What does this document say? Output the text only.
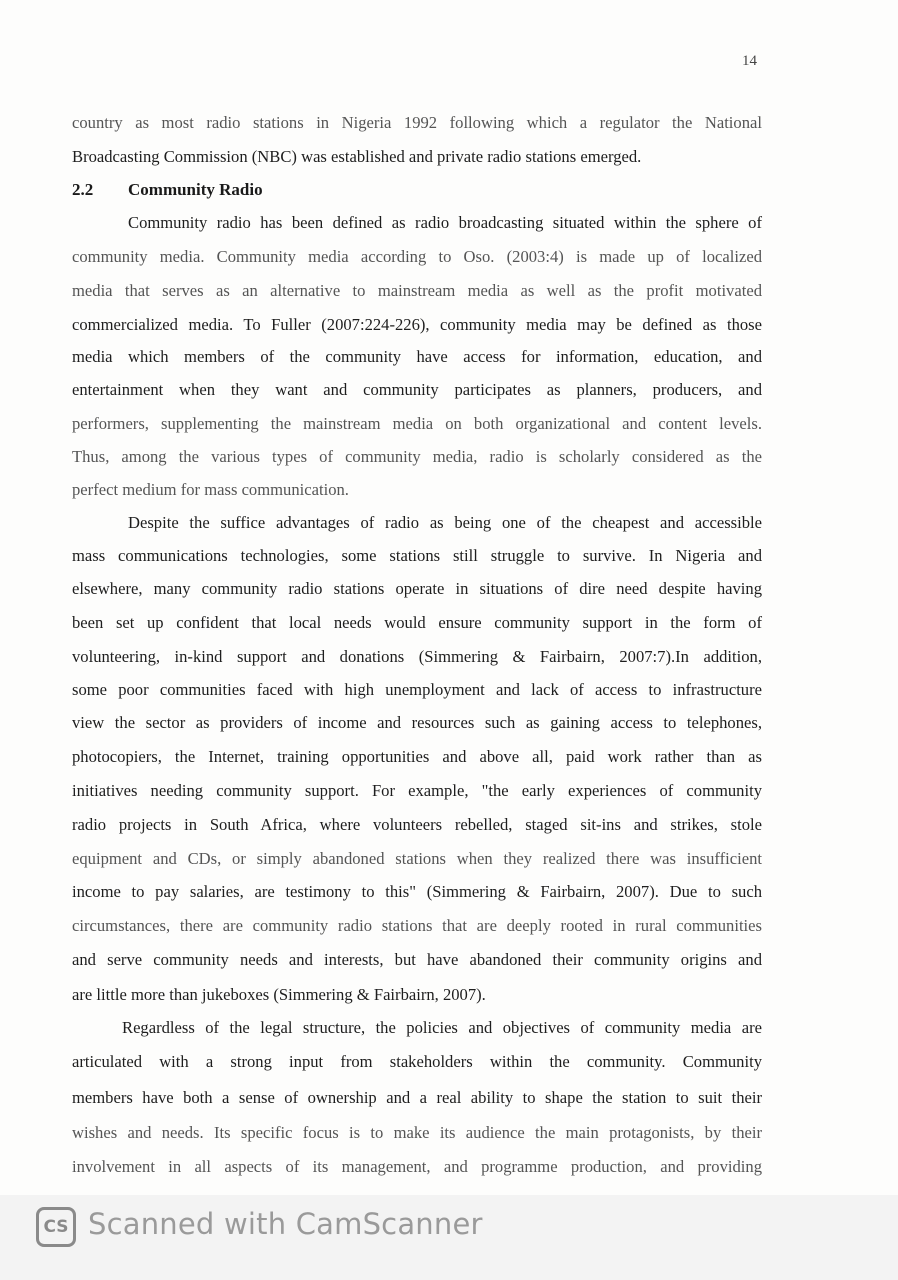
14
country as most radio stations in Nigeria 1992 following which a regulator the National
Broadcasting Commission (NBC) was established and private radio stations emerged.
2.2 Community Radio
Community radio has been defined as radio broadcasting situated within the sphere of
community media. Community media according to Oso. (2003:4) is made up of localized
media that serves as an alternative to mainstream media as well as the profit motivated
commercialized media. To Fuller (2007:224-226), community media may be defined as those
media which members of the community have access for information, education, and
entertainment when they want and community participates as planners, producers, and
performers, supplementing the mainstream media on both organizational and content levels.
Thus, among the various types of community media, radio is scholarly considered as the
perfect medium for mass communication.
Despite the suffice advantages of radio as being one of the cheapest and accessible
mass communications technologies, some stations still struggle to survive. In Nigeria and
elsewhere, many community radio stations operate in situations of dire need despite having
been set up confident that local needs would ensure community support in the form of
volunteering, in-kind support and donations (Simmering & Fairbairn, 2007:7).In addition,
some poor communities faced with high unemployment and lack of access to infrastructure
view the sector as providers of income and resources such as gaining access to telephones,
photocopiers, the Internet, training opportunities and above all, paid work rather than as
initiatives needing community support. For example, "the early experiences of community
radio projects in South Africa, where volunteers rebelled, staged sit-ins and strikes, stole
equipment and CDs, or simply abandoned stations when they realized there was insufficient
income to pay salaries, are testimony to this" (Simmering & Fairbairn, 2007). Due to such
circumstances, there are community radio stations that are deeply rooted in rural communities
and serve community needs and interests, but have abandoned their community origins and
are little more than jukeboxes (Simmering & Fairbairn, 2007).
Regardless of the legal structure, the policies and objectives of community media are
articulated with a strong input from stakeholders within the community. Community
members have both a sense of ownership and a real ability to shape the station to suit their
wishes and needs. Its specific focus is to make its audience the main protagonists, by their
involvement in all aspects of its management, and programme production, and providing
CS Scanned with CamScanner
